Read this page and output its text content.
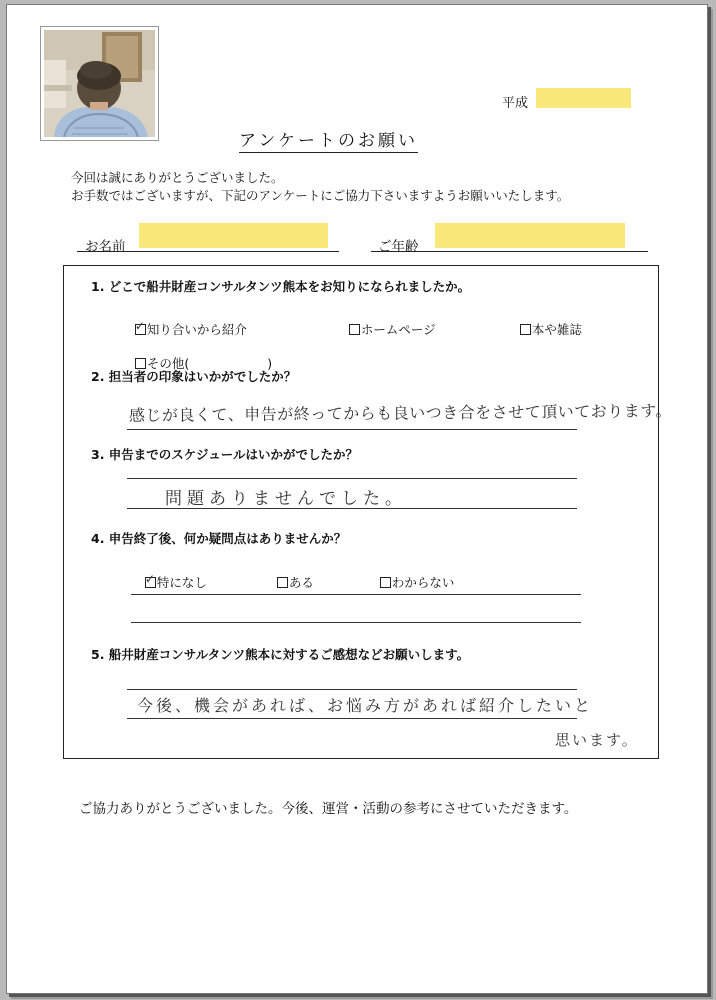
平成
アンケートのお願い
今回は誠にありがとうございました。
お手数ではございますが、下記のアンケートにご協力下さいますようお願いいたします。
お名前	ご年齢
1. どこで船井財産コンサルタンツ熊本をお知りになられましたか。

✓ 知り合いから紹介
	ホームページ
	本や雑誌

その他(	)

2. 担当者の印象はいかがでしたか？
感じが良くて、申告が終ってからも良いつき合をさせて頂いております。
3. 申告までのスケジュールはいかがでしたか？
問題ありませんでした。
4. 申告終了後、何か疑問点はありませんか？

✓ 特になし
	ある
	わからない

5. 船井財産コンサルタンツ熊本に対するご感想などお願いします。
今後、機会があれば、お悩み方があれば紹介したいと
思います。
ご協力ありがとうございました。今後、運営・活動の参考にさせていただきます。
